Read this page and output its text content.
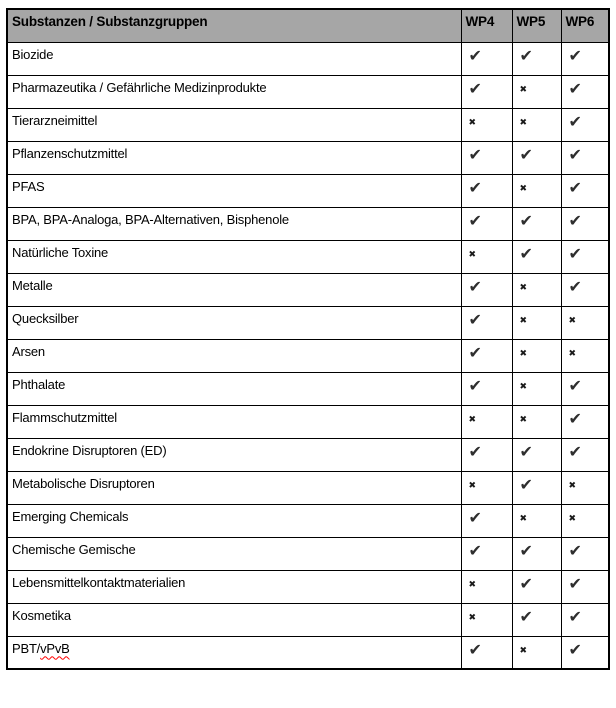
Substanzen / Substanzgruppen	WP4	WP5	WP6
Biozide	✔	✔	✔
Pharmazeutika / Gefährliche Medizinprodukte	✔	✖	✔
Tierarzneimittel	✖	✖	✔
Pflanzenschutzmittel	✔	✔	✔
PFAS	✔	✖	✔
BPA, BPA-Analoga, BPA-Alternativen, Bisphenole	✔	✔	✔
Natürliche Toxine	✖	✔	✔
Metalle	✔	✖	✔
Quecksilber	✔	✖	✖
Arsen	✔	✖	✖
Phthalate	✔	✖	✔
Flammschutzmittel	✖	✖	✔
Endokrine Disruptoren (ED)	✔	✔	✔
Metabolische Disruptoren	✖	✔	✖
Emerging Chemicals	✔	✖	✖
Chemische Gemische	✔	✔	✔
Lebensmittelkontaktmaterialien	✖	✔	✔
Kosmetika	✖	✔	✔
PBT/vPvB	✔	✖	✔
